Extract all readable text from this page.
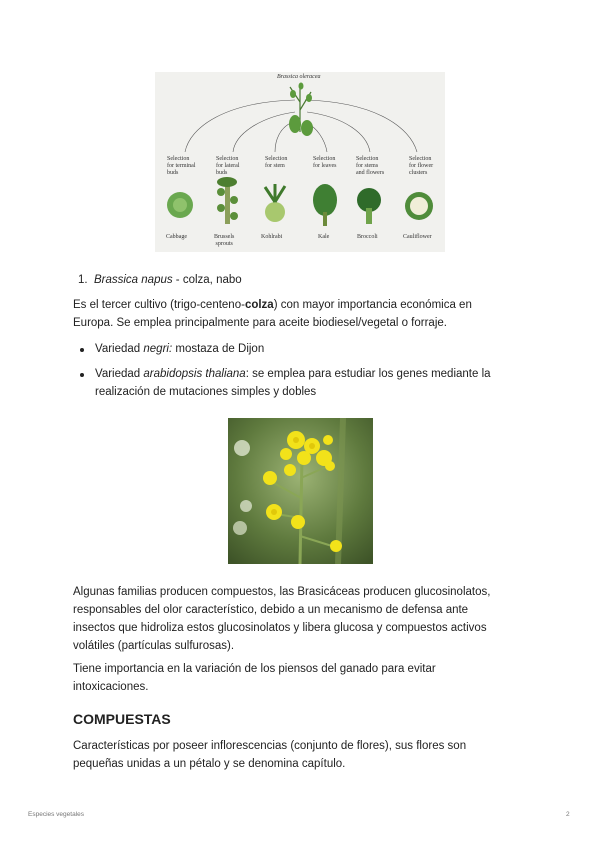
Brassica oleracea
Selection
for terminal
buds
Selection
for lateral
buds
Selection
for stem
Selection
for leaves
Selection
for stems
and flowers
Selection
for flower
clusters
Cabbage	Brussels
sprouts
Kohlrabi	Kale	Broccoli	Cauliflower
1. Brassica napus - colza, nabo

Es el tercer cultivo (trigo-centeno-colza) con mayor importancia económica en
Europa. Se emplea principalmente para aceite biodiesel/vegetal o forraje.

Variedad negri: mostaza de Dijon
Variedad arabidopsis thaliana: se emplea para estudiar los genes mediante la
realización de mutaciones simples y dobles

Algunas familias producen compuestos, las Brasicáceas producen glucosinolatos,
responsables del olor característico, debido a un mecanismo de defensa ante
insectos que hidroliza estos glucosinolatos y libera glucosa y compuestos activos
volátiles (partículas sulfurosas).

Tiene importancia en la variación de los piensos del ganado para evitar
intoxicaciones.

COMPUESTAS

Características por poseer inflorescencias (conjunto de flores), sus flores son
pequeñas unidas a un pétalo y se denomina capítulo.

Especies vegetales	2
